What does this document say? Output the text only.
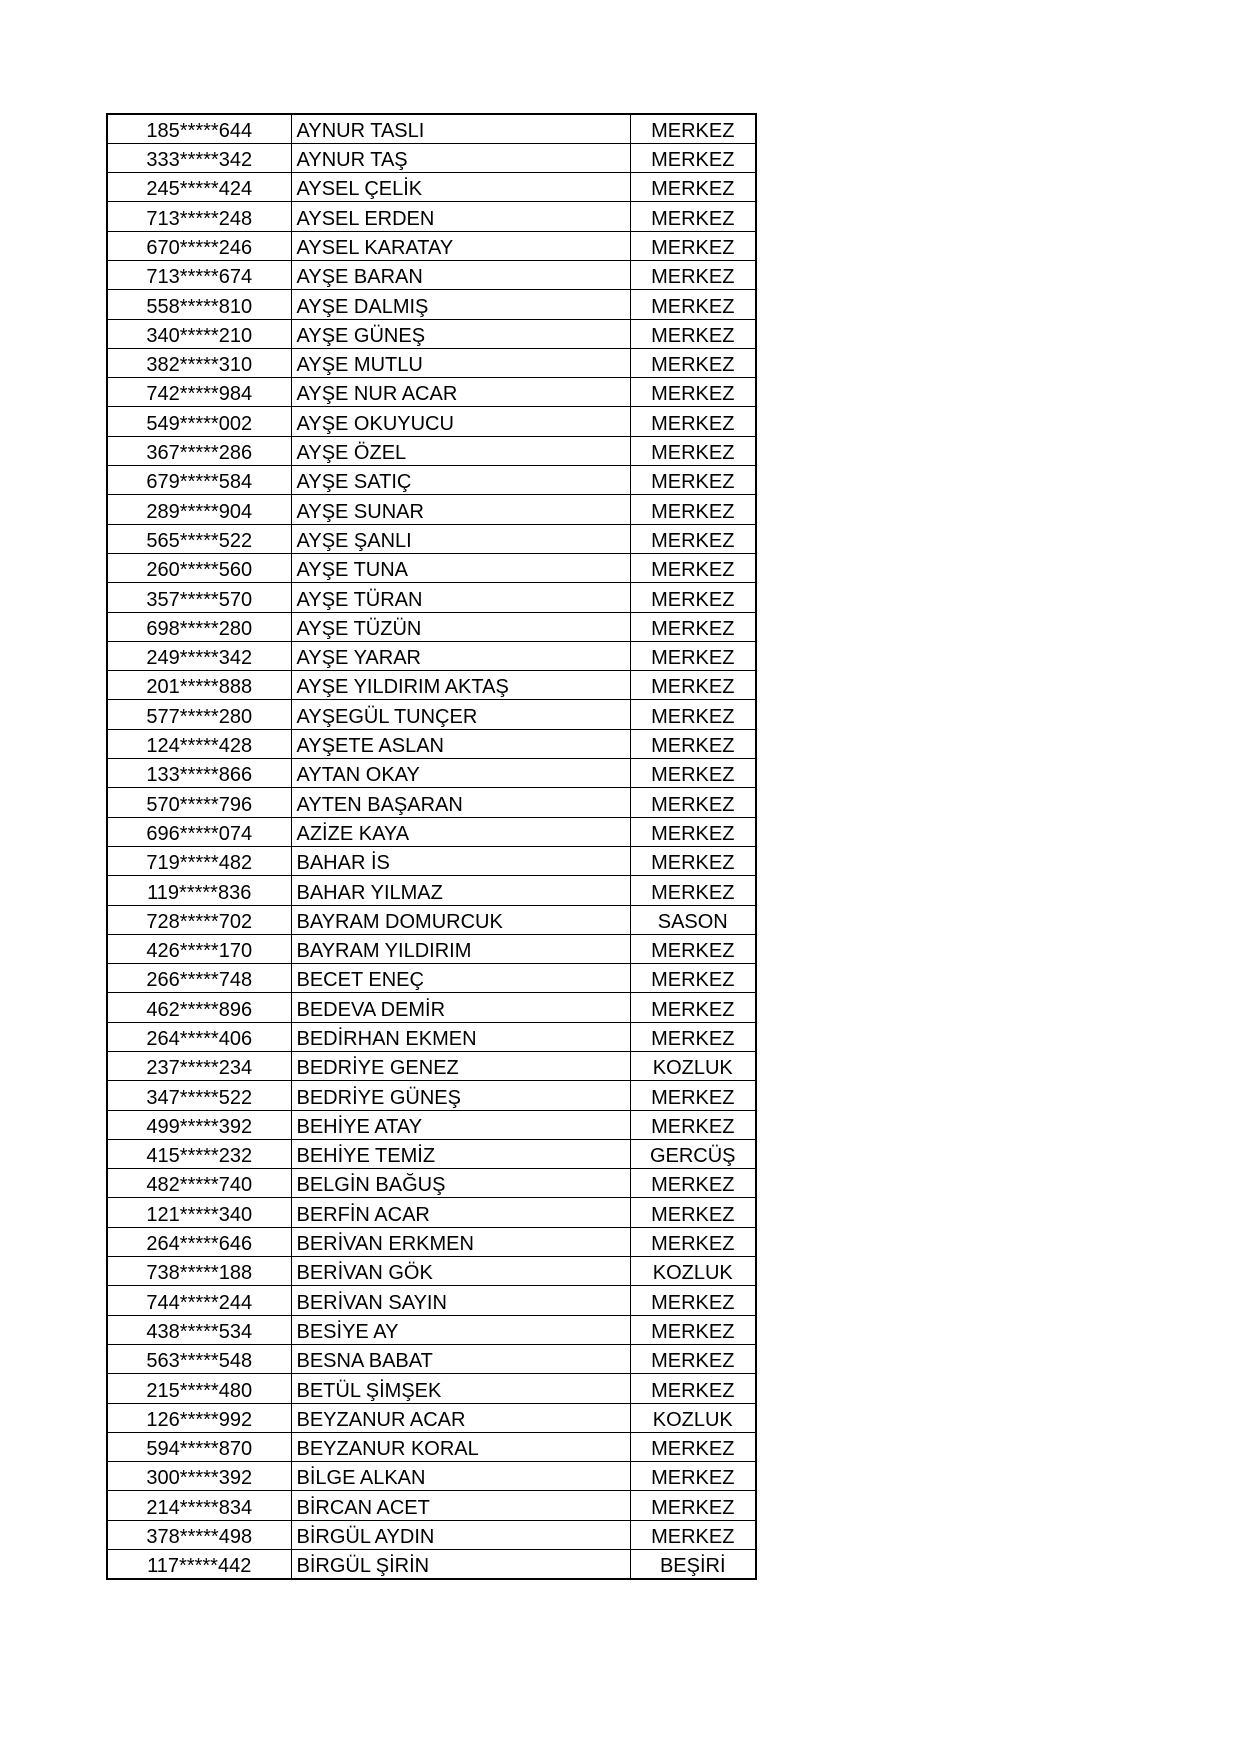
185*****644	AYNUR TASLI	MERKEZ
333*****342	AYNUR TAŞ	MERKEZ
245*****424	AYSEL ÇELİK	MERKEZ
713*****248	AYSEL ERDEN	MERKEZ
670*****246	AYSEL KARATAY	MERKEZ
713*****674	AYŞE BARAN	MERKEZ
558*****810	AYŞE DALMIŞ	MERKEZ
340*****210	AYŞE GÜNEŞ	MERKEZ
382*****310	AYŞE MUTLU	MERKEZ
742*****984	AYŞE NUR ACAR	MERKEZ
549*****002	AYŞE OKUYUCU	MERKEZ
367*****286	AYŞE ÖZEL	MERKEZ
679*****584	AYŞE SATIÇ	MERKEZ
289*****904	AYŞE SUNAR	MERKEZ
565*****522	AYŞE ŞANLI	MERKEZ
260*****560	AYŞE TUNA	MERKEZ
357*****570	AYŞE TÜRAN	MERKEZ
698*****280	AYŞE TÜZÜN	MERKEZ
249*****342	AYŞE YARAR	MERKEZ
201*****888	AYŞE YILDIRIM AKTAŞ	MERKEZ
577*****280	AYŞEGÜL TUNÇER	MERKEZ
124*****428	AYŞETE ASLAN	MERKEZ
133*****866	AYTAN OKAY	MERKEZ
570*****796	AYTEN BAŞARAN	MERKEZ
696*****074	AZİZE KAYA	MERKEZ
719*****482	BAHAR İS	MERKEZ
119*****836	BAHAR YILMAZ	MERKEZ
728*****702	BAYRAM DOMURCUK	SASON
426*****170	BAYRAM YILDIRIM	MERKEZ
266*****748	BECET ENEÇ	MERKEZ
462*****896	BEDEVA DEMİR	MERKEZ
264*****406	BEDİRHAN EKMEN	MERKEZ
237*****234	BEDRİYE GENEZ	KOZLUK
347*****522	BEDRİYE GÜNEŞ	MERKEZ
499*****392	BEHİYE ATAY	MERKEZ
415*****232	BEHİYE TEMİZ	GERCÜŞ
482*****740	BELGİN BAĞUŞ	MERKEZ
121*****340	BERFİN ACAR	MERKEZ
264*****646	BERİVAN ERKMEN	MERKEZ
738*****188	BERİVAN GÖK	KOZLUK
744*****244	BERİVAN SAYIN	MERKEZ
438*****534	BESİYE AY	MERKEZ
563*****548	BESNA BABAT	MERKEZ
215*****480	BETÜL ŞİMŞEK	MERKEZ
126*****992	BEYZANUR ACAR	KOZLUK
594*****870	BEYZANUR KORAL	MERKEZ
300*****392	BİLGE ALKAN	MERKEZ
214*****834	BİRCAN ACET	MERKEZ
378*****498	BİRGÜL AYDIN	MERKEZ
117*****442	BİRGÜL ŞİRİN	BEŞİRİ
